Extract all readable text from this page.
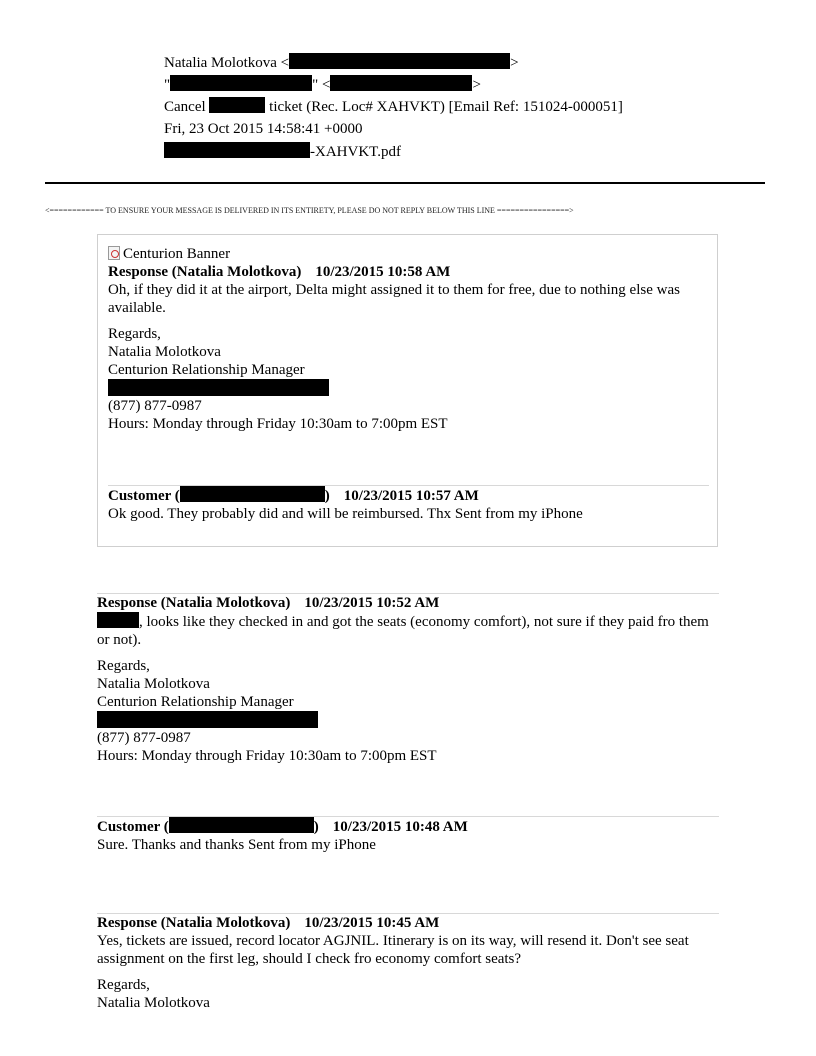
Natalia Molotkova <	>
"	" <	>
Cancel	ticket (Rec. Loc# XAHVKT) [Email Ref: 151024-000051]
Fri, 23 Oct 2015 14:58:41 +0000
-XAHVKT.pdf
<============ TO ENSURE YOUR MESSAGE IS DELIVERED IN ITS ENTIRETY, PLEASE DO NOT REPLY BELOW THIS LINE ================>
Centurion Banner
Response (Natalia Molotkova) 10/23/2015 10:58 AM

Oh, if they did it at the airport, Delta might assigned it to them for free, due to nothing else was available.

Regards,
Natalia Molotkova
Centurion Relationship Manager
(877) 877-0987
Hours: Monday through Friday 10:30am to 7:00pm EST
Customer (	) 10/23/2015 10:57 AM

Ok good. They probably did and will be reimbursed. Thx Sent from my iPhone

Response (Natalia Molotkova) 10/23/2015 10:52 AM

, looks like they checked in and got the seats (economy comfort), not sure if they paid fro them or not).

Regards,
Natalia Molotkova
Centurion Relationship Manager
(877) 877-0987
Hours: Monday through Friday 10:30am to 7:00pm EST
Customer (	) 10/23/2015 10:48 AM

Sure. Thanks and thanks Sent from my iPhone

Response (Natalia Molotkova) 10/23/2015 10:45 AM

Yes, tickets are issued, record locator AGJNIL. Itinerary is on its way, will resend it. Don't see seat assignment on the first leg, should I check fro economy comfort seats?

Regards,
Natalia Molotkova
